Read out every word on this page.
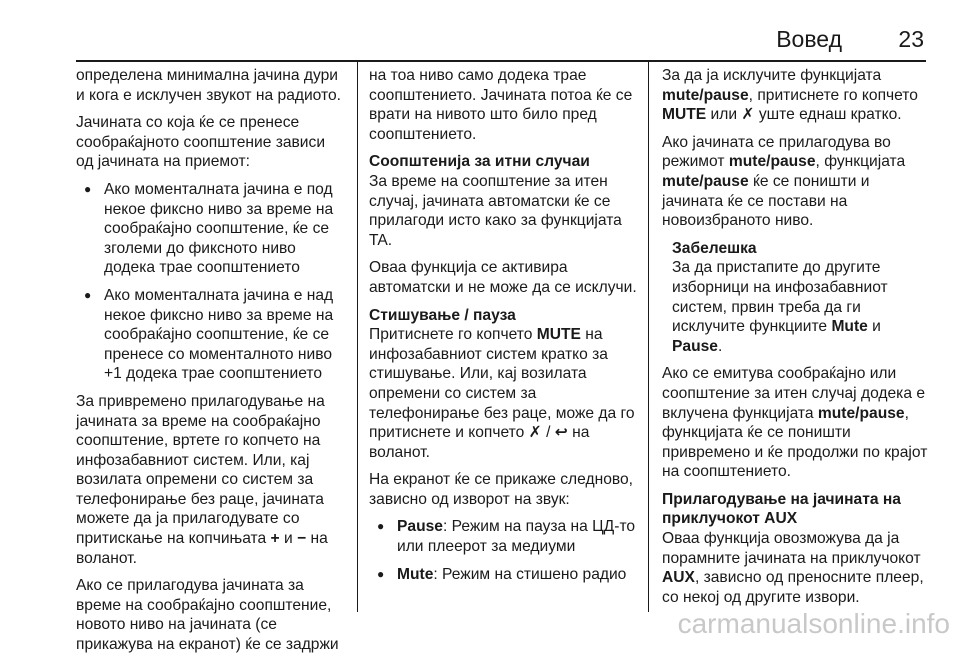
Вовед 23

определена минимална јачина дури и кога е исклучен звукот на радиото.

Јачината со која ќе се пренесе сообраќајното соопштение зависи од јачината на приемот:

● Ако моменталната јачина е под некое фиксно ниво за време на сообраќајно соопштение, ќе се зголеми до фиксното ниво додека трае соопштението
● Ако моменталната јачина е над некое фиксно ниво за време на сообраќајно соопштение, ќе се пренесе со моменталното ниво +1 додека трае соопштението

За привремено прилагодување на јачината за време на сообраќајно соопштение, вртете го копчето на инфозабавниот систем. Или, кај возилата опремени со систем за телефонирање без раце, јачината можете да ја прилагодувате со притискање на копчињата + и − на воланот.

Ако се прилагодува јачината за време на сообраќајно соопштение, новото ниво на јачината (се прикажува на екранот) ќе се задржи

на тоа ниво само додека трае соопштението. Јачината потоа ќе се врати на нивото што било пред соопштението.

Соопштенија за итни случаи

За време на соопштение за итен случај, јачината автоматски ќе се прилагоди исто како за функцијата TA.

Оваа функција се активира автоматски и не може да се исклучи.

Стишување / пауза

Притиснете го копчето MUTE на инфозабавниот систем кратко за стишување. Или, кај возилата опремени со систем за телефонирање без раце, може да го притиснете и копчето ✗ / ↩ на воланот.

На екранот ќе се прикаже следново, зависно од изворот на звук:

● Pause: Режим на пауза на ЦД-то или плеерот за медиуми
● Mute: Режим на стишено радио

За да ја исклучите функцијата mute/pause, притиснете го копчето MUTE или ✗ уште еднаш кратко.

Ако јачината се прилагодува во режимот mute/pause, функцијата mute/pause ќе се поништи и јачината ќе се постави на новоизбраното ниво.

Забелешка
За да пристапите до другите изборници на инфозабавниот систем, првин треба да ги исклучите функциите Mute и Pause.

Ако се емитува сообраќајно или соопштение за итен случај додека е вклучена функцијата mute/pause, функцијата ќе се поништи привремено и ќе продолжи по крајот на соопштението.

Прилагодување на јачината на приклучокот AUX

Оваа функција овозможува да ја порамните јачината на приклучокот AUX, зависно од преносните плеер, со некој од другите извори.

carmanualsonline.info
